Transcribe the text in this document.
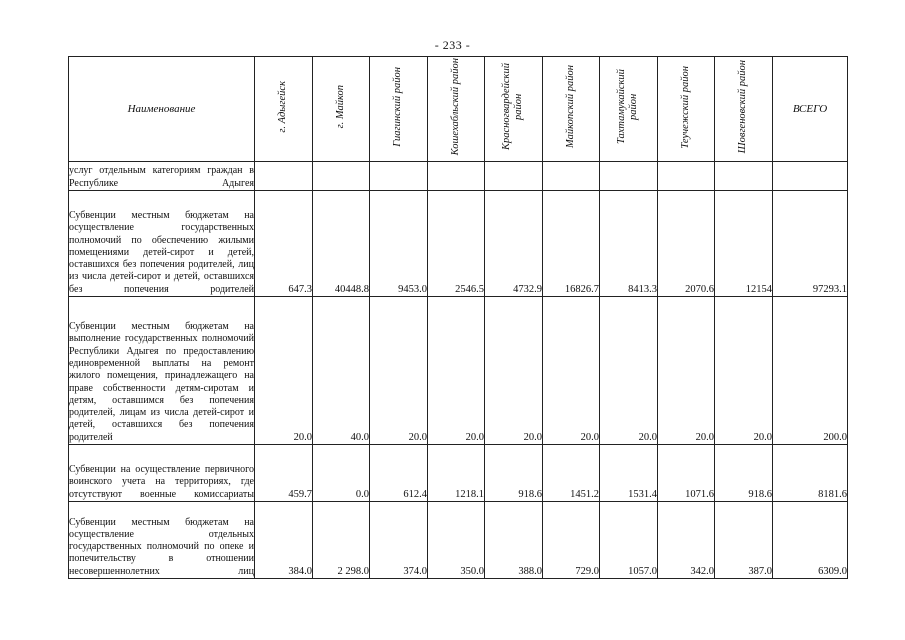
- 233 -
Наименование	г. Адыгейск	г. Майкоп	Гиагинский район	Кошехабльский район	Красногвардейский район	Майкопский район	Тахтамукайский район	Теучежский район	Шовгеновский район	ВСЕГО
услуг отдельным категориям граждан в Республике Адыгея										
Субвенции местным бюджетам на осуществление государственных полномочий по обеспечению жилыми помещениями детей-сирот и детей, оставшихся без попечения родителей, лиц из числа детей-сирот и детей, оставшихся без попечения родителей	647.3	40448.8	9453.0	2546.5	4732.9	16826.7	8413.3	2070.6	12154	97293.1
Субвенции местным бюджетам на выполнение государственных полномочий Республики Адыгея по предоставлению единовременной выплаты на ремонт жилого помещения, принадлежащего на праве собственности детям-сиротам и детям, оставшимся без попечения родителей, лицам из числа детей-сирот и детей, оставшихся без попечения родителей	20.0	40.0	20.0	20.0	20.0	20.0	20.0	20.0	20.0	200.0
Субвенции на осуществление первичного воинского учета на территориях, где отсутствуют военные комиссариаты	459.7	0.0	612.4	1218.1	918.6	1451.2	1531.4	1071.6	918.6	8181.6
Субвенции местным бюджетам на осуществление отдельных государственных полномочий по опеке и попечительству в отношении несовершеннолетних лиц	384.0	2 298.0	374.0	350.0	388.0	729.0	1057.0	342.0	387.0	6309.0
